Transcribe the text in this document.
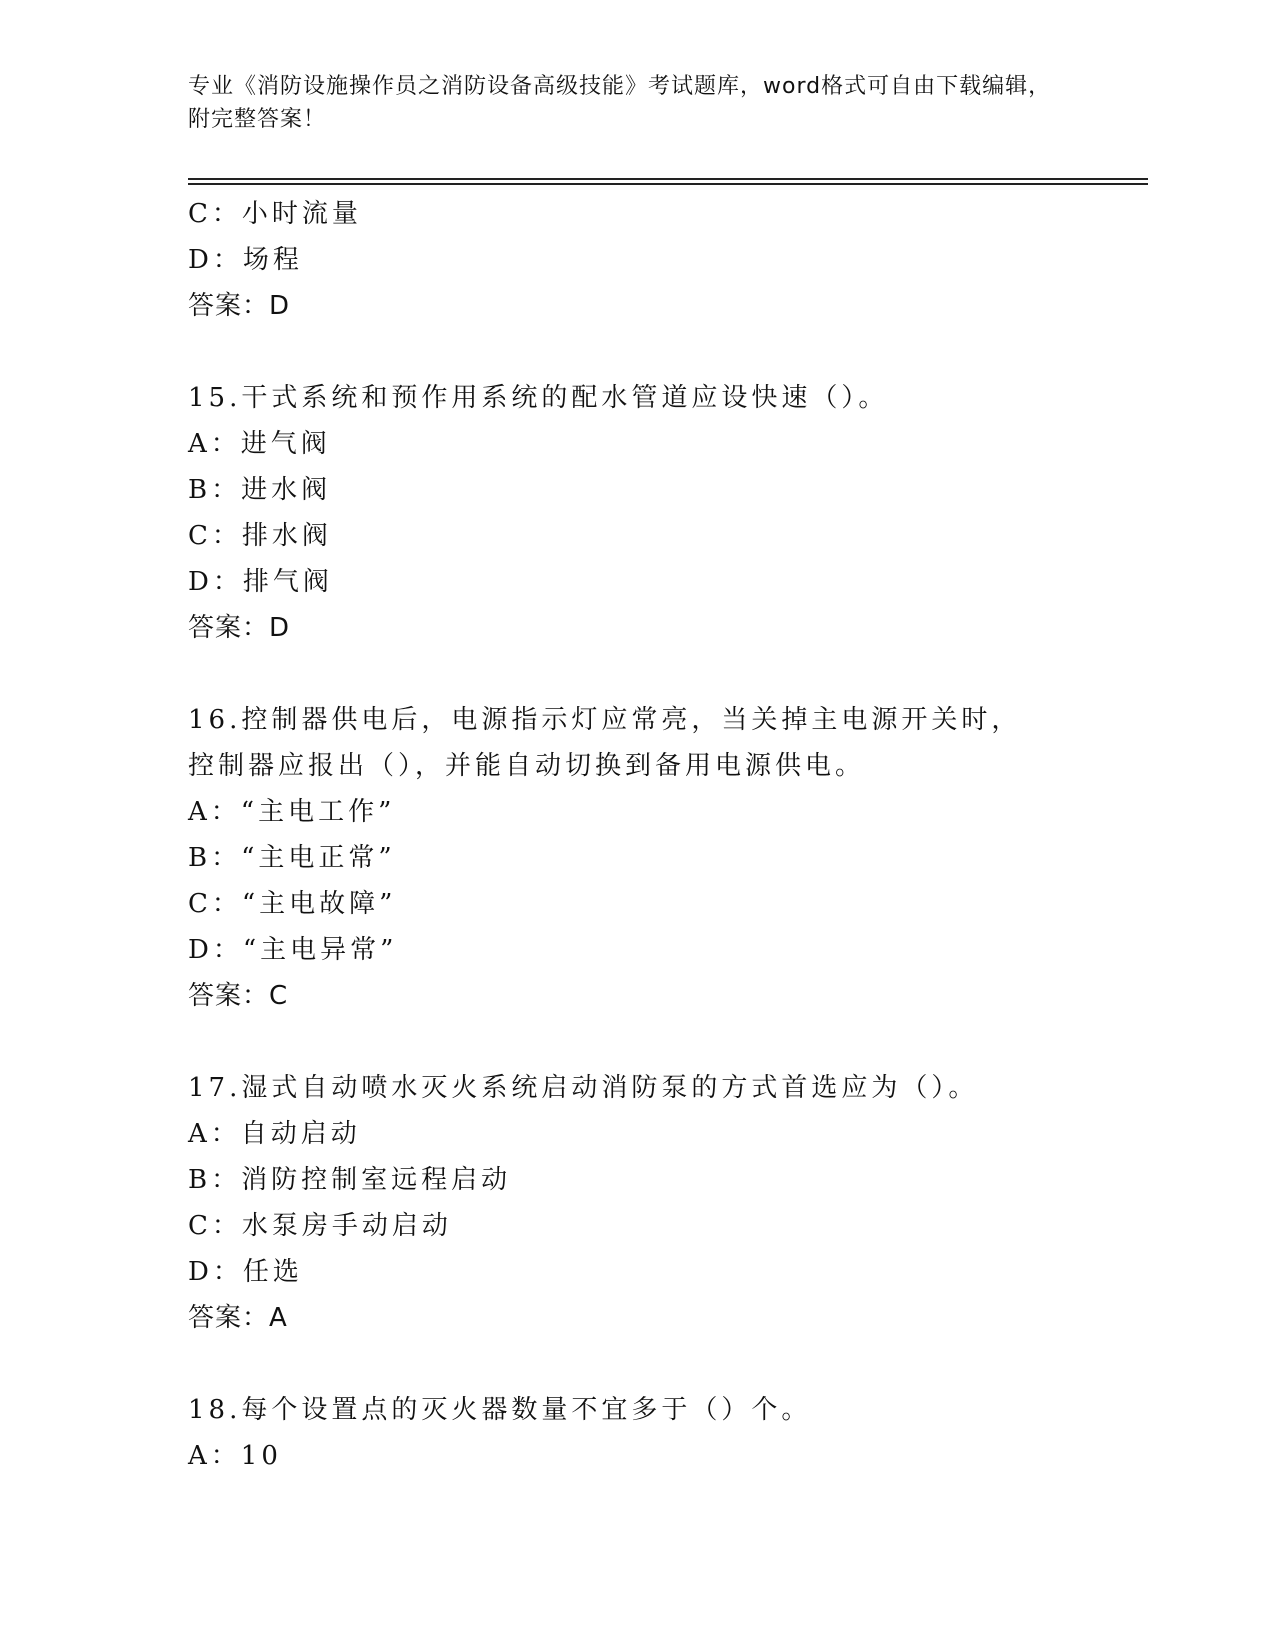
专业《消防设施操作员之消防设备高级技能》考试题库，word格式可自由下载编辑，附完整答案！
C：小时流量
D：场程
答案：D
15.干式系统和预作用系统的配水管道应设快速（）。
A：进气阀
B：进水阀
C：排水阀
D：排气阀
答案：D
16.控制器供电后，电源指示灯应常亮，当关掉主电源开关时，控制器应报出（），并能自动切换到备用电源供电。
A：“主电工作”
B：“主电正常”
C：“主电故障”
D：“主电异常”
答案：C
17.湿式自动喷水灭火系统启动消防泵的方式首选应为（）。
A：自动启动
B：消防控制室远程启动
C：水泵房手动启动
D：任选
答案：A
18.每个设置点的灭火器数量不宜多于（）个。
A：10
